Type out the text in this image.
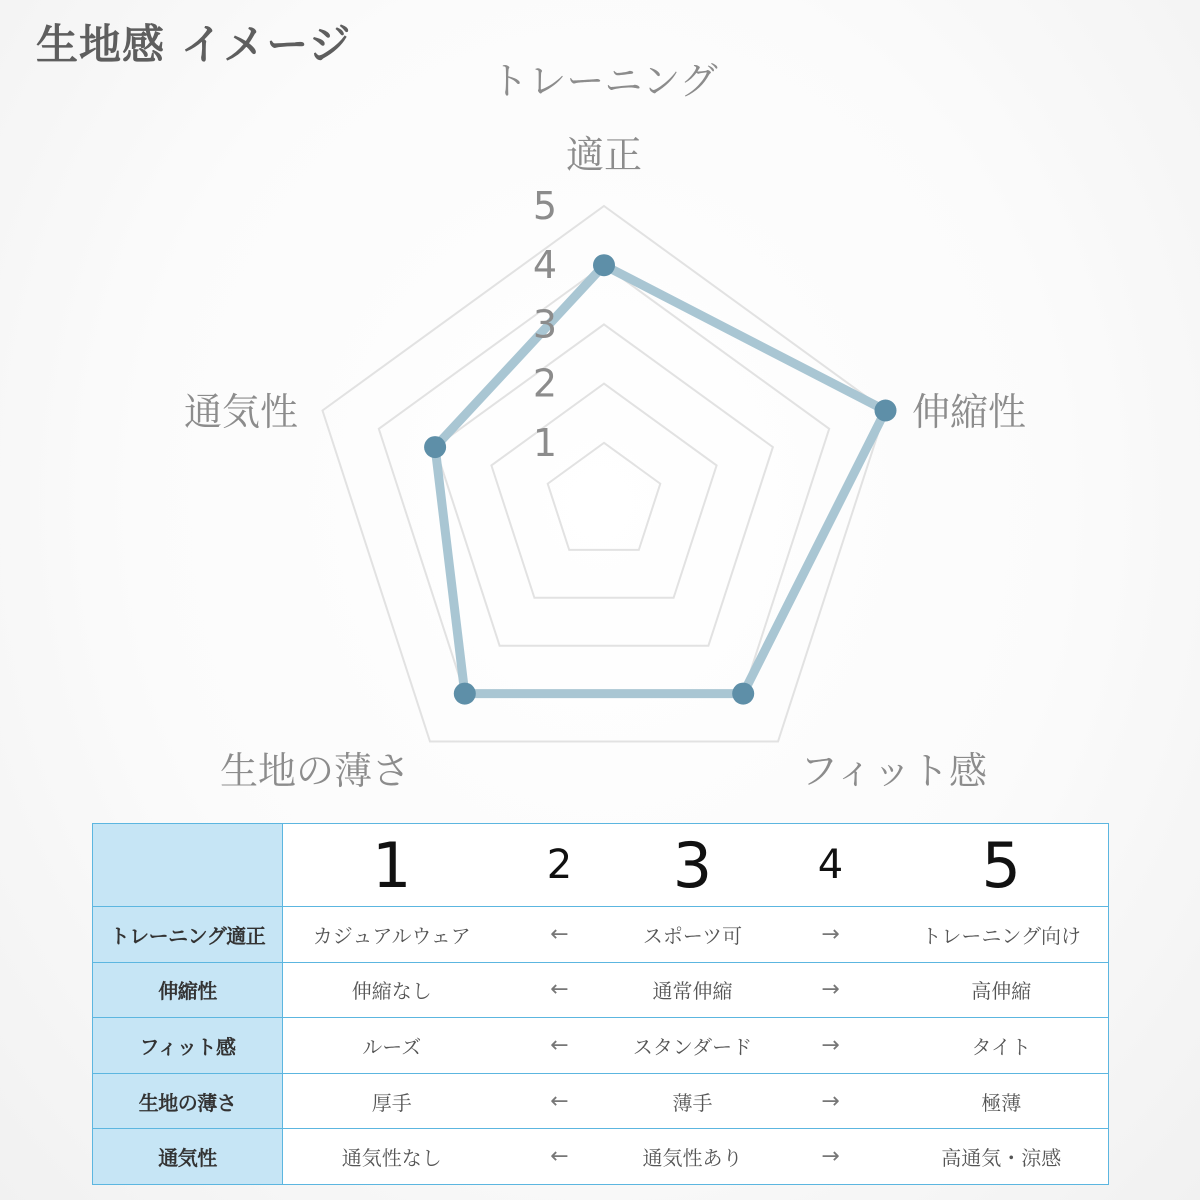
生地感 イメージ
1
2
3
4
5
トレーニング適正
伸縮性
フィット感
生地の薄さ
通気性
	1	2	3	4	5
トレーニング適正	カジュアルウェア	←	スポーツ可	→	トレーニング向け
伸縮性	伸縮なし	←	通常伸縮	→	高伸縮
フィット感	ルーズ	←	スタンダード	→	タイト
生地の薄さ	厚手	←	薄手	→	極薄
通気性	通気性なし	←	通気性あり	→	高通気・涼感
